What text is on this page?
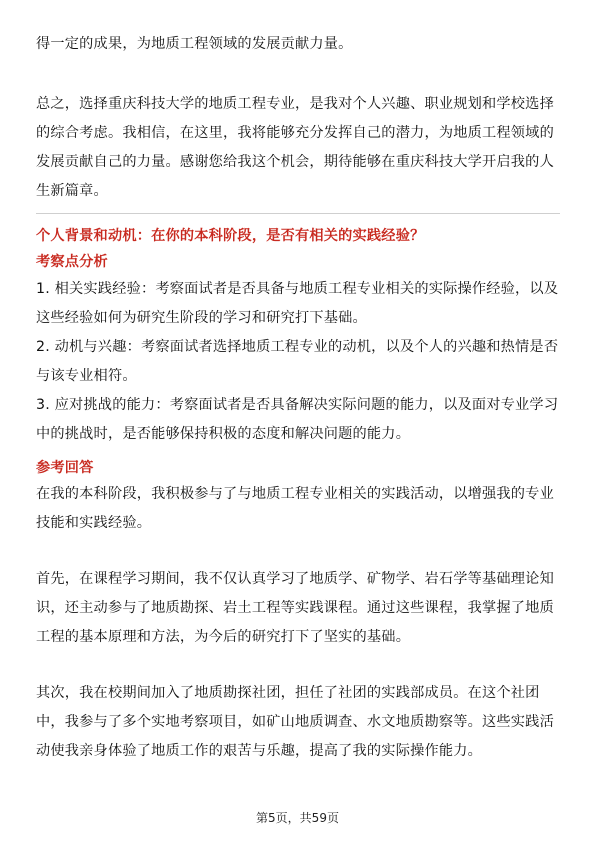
得一定的成果，为地质工程领域的发展贡献力量。
总之，选择重庆科技大学的地质工程专业，是我对个人兴趣、职业规划和学校选择
的综合考虑。我相信，在这里，我将能够充分发挥自己的潜力，为地质工程领域的
发展贡献自己的力量。感谢您给我这个机会，期待能够在重庆科技大学开启我的人
生新篇章。
个人背景和动机：在你的本科阶段，是否有相关的实践经验？
考察点分析
1. 相关实践经验：考察面试者是否具备与地质工程专业相关的实际操作经验，以及
这些经验如何为研究生阶段的学习和研究打下基础。
2. 动机与兴趣：考察面试者选择地质工程专业的动机，以及个人的兴趣和热情是否
与该专业相符。
3. 应对挑战的能力：考察面试者是否具备解决实际问题的能力，以及面对专业学习
中的挑战时，是否能够保持积极的态度和解决问题的能力。
参考回答
在我的本科阶段，我积极参与了与地质工程专业相关的实践活动，以增强我的专业
技能和实践经验。
首先，在课程学习期间，我不仅认真学习了地质学、矿物学、岩石学等基础理论知
识，还主动参与了地质勘探、岩土工程等实践课程。通过这些课程，我掌握了地质
工程的基本原理和方法，为今后的研究打下了坚实的基础。
其次，我在校期间加入了地质勘探社团，担任了社团的实践部成员。在这个社团
中，我参与了多个实地考察项目，如矿山地质调查、水文地质勘察等。这些实践活
动使我亲身体验了地质工作的艰苦与乐趣，提高了我的实际操作能力。
第5页，共59页
